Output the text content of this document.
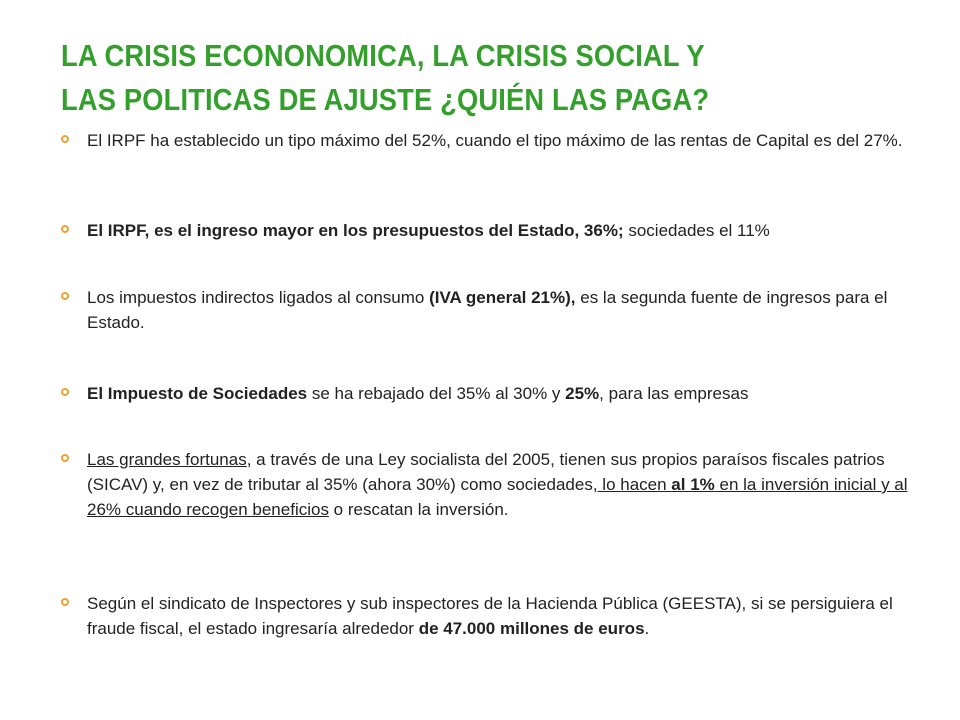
LA CRISIS ECONONOMICA, LA CRISIS SOCIAL Y
LAS POLITICAS DE AJUSTE ¿QUIÉN LAS PAGA?
El IRPF ha establecido un tipo máximo del 52%, cuando el tipo máximo de las rentas de Capital es del 27%.
El IRPF, es el ingreso mayor en los presupuestos del Estado, 36%; sociedades el 11%
Los impuestos indirectos ligados al consumo (IVA general 21%), es la segunda fuente de ingresos para el Estado.
El Impuesto de Sociedades se ha rebajado del 35% al 30% y 25%, para las empresas
Las grandes fortunas, a través de una Ley socialista del 2005, tienen sus propios paraísos fiscales patrios (SICAV) y, en vez de tributar al 35% (ahora 30%) como sociedades, lo hacen al 1% en la inversión inicial y al 26% cuando recogen beneficios o rescatan la inversión.
Según el sindicato de Inspectores y sub inspectores de la Hacienda Pública (GEESTA), si se persiguiera el fraude fiscal, el estado ingresaría alrededor de 47.000 millones de euros.
